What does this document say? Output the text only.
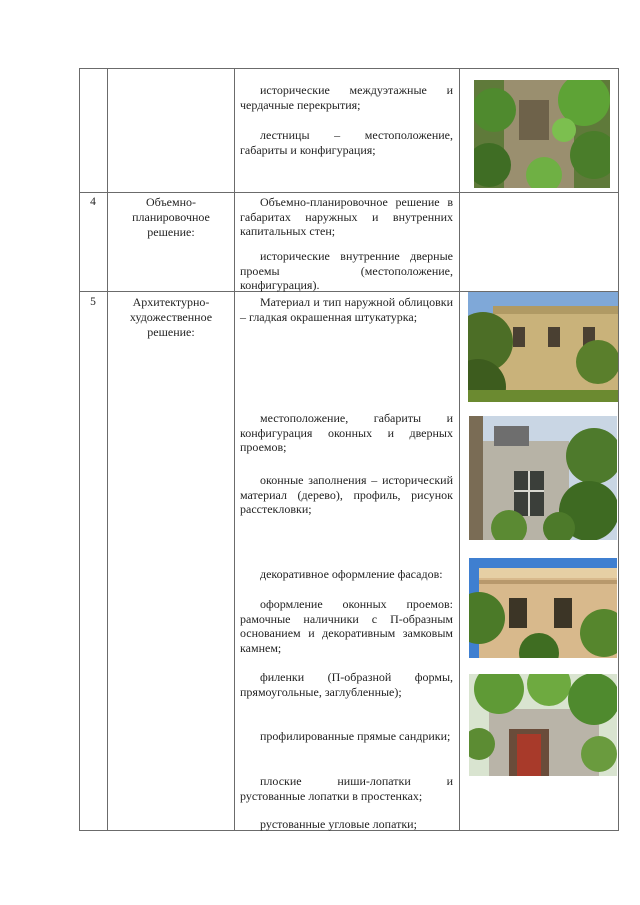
исторические междуэтажные и чердачные перекрытия;
лестницы – местоположение, габариты и конфигурация;
4	Объемно-планировочное решение:
Объемно-планировочное решение в габаритах наружных и внутренних капитальных стен;
исторические внутренние дверные проемы (местоположение, конфигурация).
5	Архитектурно-художественное решение:
Материал и тип наружной облицовки – гладкая окрашенная штукатурка;
местоположение, габариты и конфигурация оконных и дверных проемов;
оконные заполнения – исторический материал (дерево), профиль, рисунок расстекловки;
декоративное оформление фасадов:
оформление оконных проемов: рамочные наличники с П-образным основанием и декоративным замковым камнем;
филенки (П-образной формы, прямоугольные, заглубленные);
профилированные прямые сандрики;
плоские ниши-лопатки и рустованные лопатки в простенках;
рустованные угловые лопатки;
